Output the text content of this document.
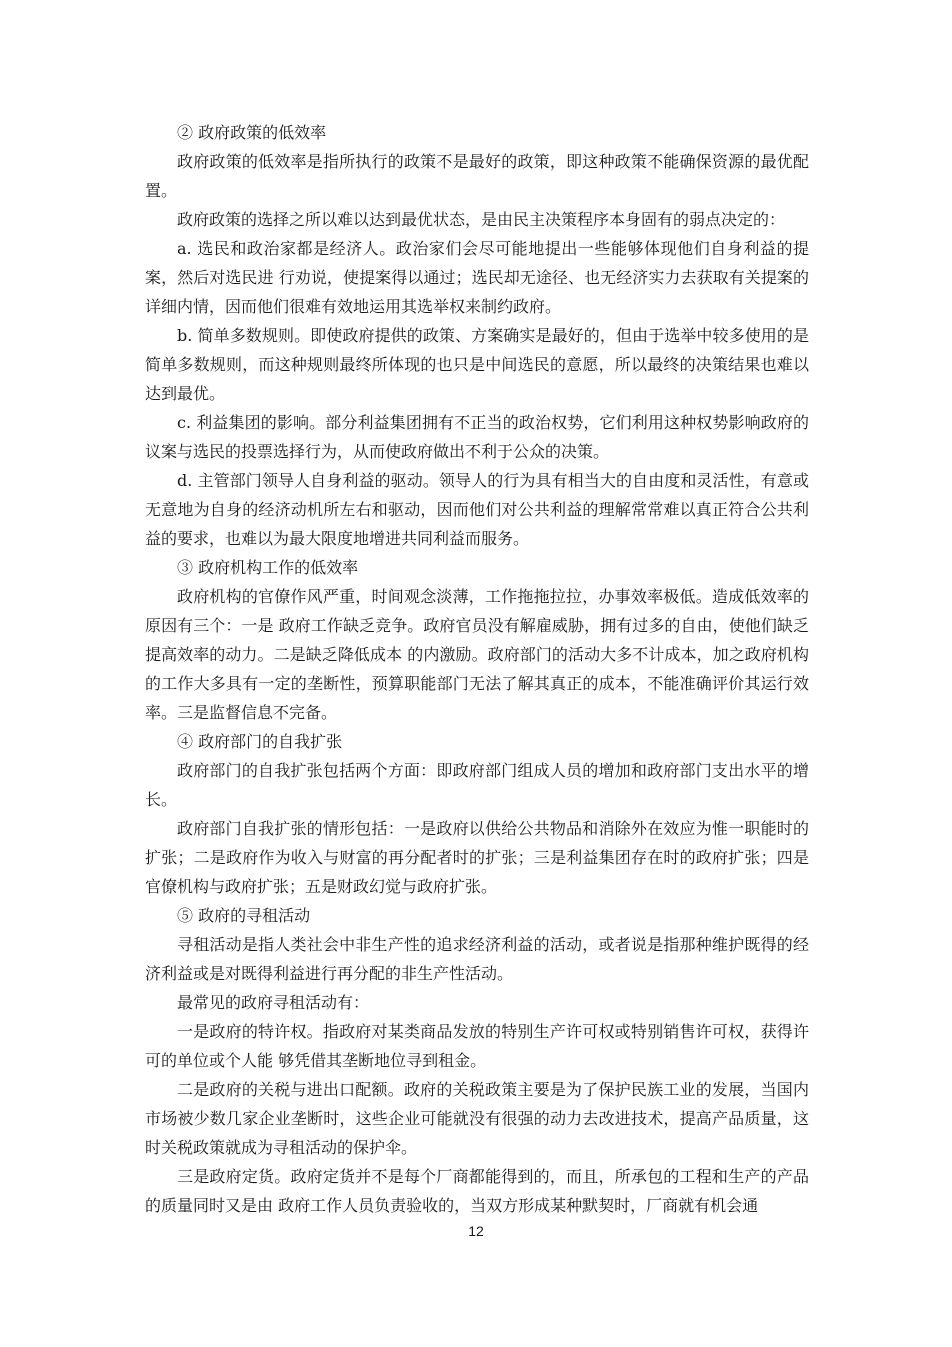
② 政府政策的低效率

政府政策的低效率是指所执行的政策不是最好的政策，即这种政策不能确保资源的最优配置。

政府政策的选择之所以难以达到最优状态，是由民主决策程序本身固有的弱点决定的：

a. 选民和政治家都是经济人。政治家们会尽可能地提出一些能够体现他们自身利益的提案，然后对选民进 行劝说，使提案得以通过；选民却无途径、也无经济实力去获取有关提案的详细内情，因而他们很难有效地运用其选举权来制约政府。

b. 简单多数规则。即使政府提供的政策、方案确实是最好的，但由于选举中较多使用的是简单多数规则，而这种规则最终所体现的也只是中间选民的意愿，所以最终的决策结果也难以达到最优。

c. 利益集团的影响。部分利益集团拥有不正当的政治权势，它们利用这种权势影响政府的议案与选民的投票选择行为，从而使政府做出不利于公众的决策。

d. 主管部门领导人自身利益的驱动。领导人的行为具有相当大的自由度和灵活性，有意或无意地为自身的经济动机所左右和驱动，因而他们对公共利益的理解常常难以真正符合公共利益的要求，也难以为最大限度地增进共同利益而服务。

③ 政府机构工作的低效率

政府机构的官僚作风严重，时间观念淡薄，工作拖拖拉拉，办事效率极低。造成低效率的原因有三个：一是 政府工作缺乏竞争。政府官员没有解雇威胁，拥有过多的自由，使他们缺乏提高效率的动力。二是缺乏降低成本 的内激励。政府部门的活动大多不计成本，加之政府机构的工作大多具有一定的垄断性，预算职能部门无法了解其真正的成本，不能准确评价其运行效率。三是监督信息不完备。

④ 政府部门的自我扩张

政府部门的自我扩张包括两个方面：即政府部门组成人员的增加和政府部门支出水平的增长。

政府部门自我扩张的情形包括：一是政府以供给公共物品和消除外在效应为惟一职能时的扩张；二是政府作为收入与财富的再分配者时的扩张；三是利益集团存在时的政府扩张；四是官僚机构与政府扩张；五是财政幻觉与政府扩张。

⑤ 政府的寻租活动

寻租活动是指人类社会中非生产性的追求经济利益的活动，或者说是指那种维护既得的经济利益或是对既得利益进行再分配的非生产性活动。

最常见的政府寻租活动有：

一是政府的特许权。指政府对某类商品发放的特别生产许可权或特别销售许可权，获得许可的单位或个人能 够凭借其垄断地位寻到租金。

二是政府的关税与进出口配额。政府的关税政策主要是为了保护民族工业的发展，当国内市场被少数几家企业垄断时，这些企业可能就没有很强的动力去改进技术，提高产品质量，这时关税政策就成为寻租活动的保护伞。

三是政府定货。政府定货并不是每个厂商都能得到的，而且，所承包的工程和生产的产品的质量同时又是由 政府工作人员负责验收的，当双方形成某种默契时，厂商就有机会通

12
